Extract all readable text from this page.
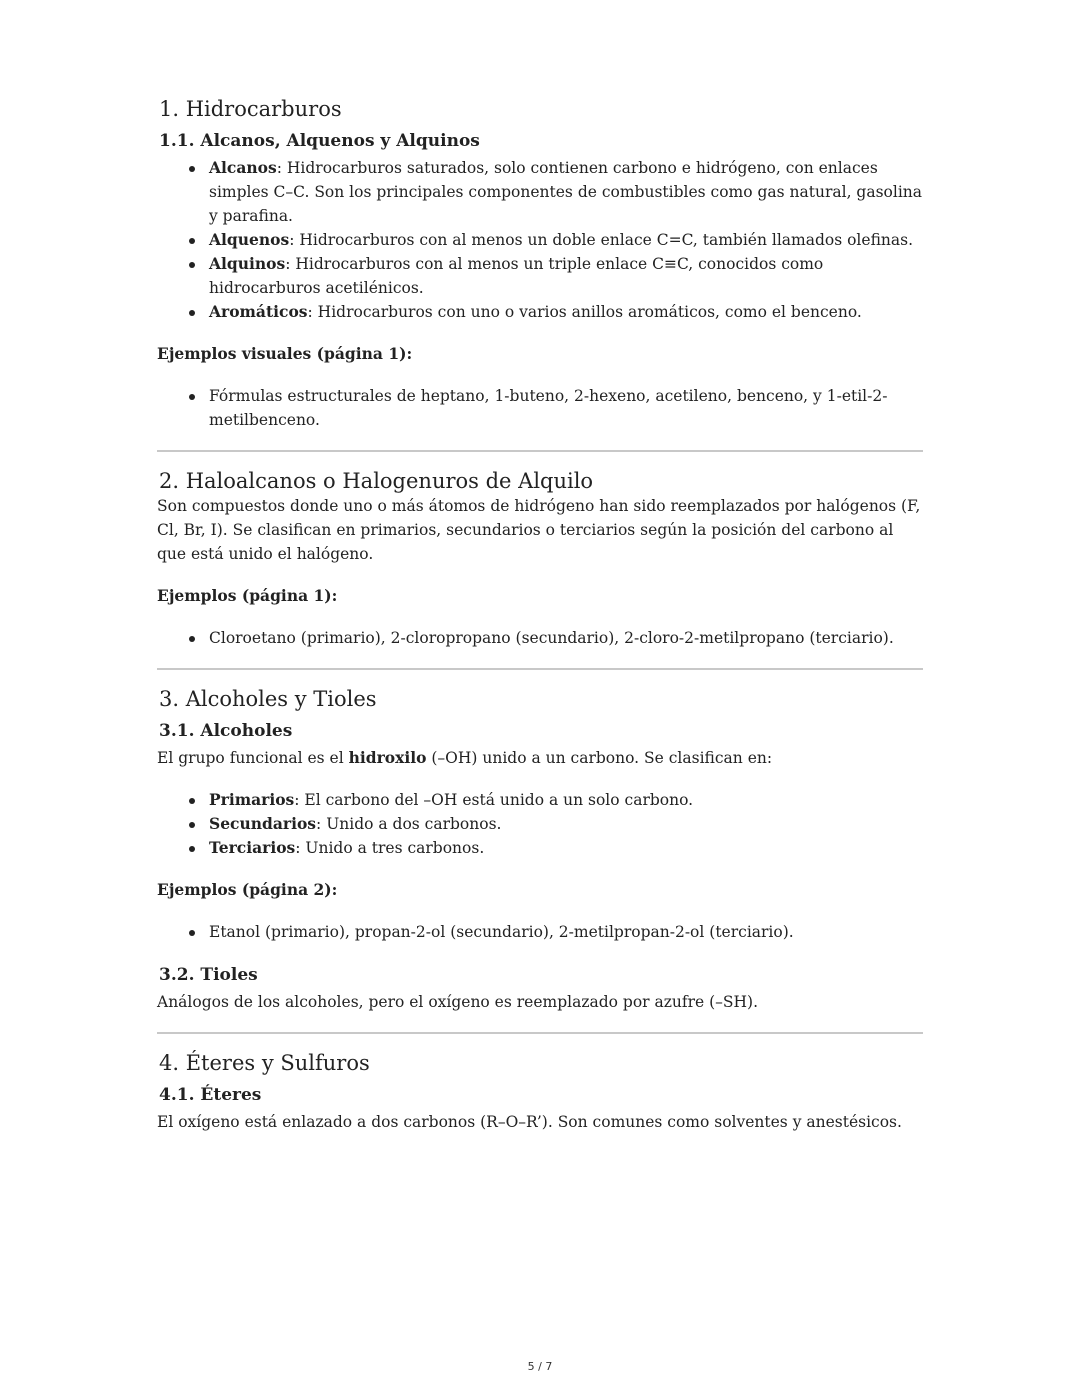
1. Hidrocarburos
1.1. Alcanos, Alquenos y Alquinos
Alcanos: Hidrocarburos saturados, solo contienen carbono e hidrógeno, con enlaces simples C–C. Son los principales componentes de combustibles como gas natural, gasolina y parafina.
Alquenos: Hidrocarburos con al menos un doble enlace C=C, también llamados olefinas.
Alquinos: Hidrocarburos con al menos un triple enlace C≡C, conocidos como hidrocarburos acetilénicos.
Aromáticos: Hidrocarburos con uno o varios anillos aromáticos, como el benceno.

Ejemplos visuales (página 1):

Fórmulas estructurales de heptano, 1-buteno, 2-hexeno, acetileno, benceno, y 1-etil-2-metilbenceno.
2. Haloalcanos o Halogenuros de Alquilo

Son compuestos donde uno o más átomos de hidrógeno han sido reemplazados por halógenos (F, Cl, Br, I). Se clasifican en primarios, secundarios o terciarios según la posición del carbono al que está unido el halógeno.

Ejemplos (página 1):

Cloroetano (primario), 2-cloropropano (secundario), 2-cloro-2-metilpropano (terciario).
3. Alcoholes y Tioles
3.1. Alcoholes

El grupo funcional es el hidroxilo (–OH) unido a un carbono. Se clasifican en:

Primarios: El carbono del –OH está unido a un solo carbono.
Secundarios: Unido a dos carbonos.
Terciarios: Unido a tres carbonos.

Ejemplos (página 2):

Etanol (primario), propan-2-ol (secundario), 2-metilpropan-2-ol (terciario).
3.2. Tioles

Análogos de los alcoholes, pero el oxígeno es reemplazado por azufre (–SH).

4. Éteres y Sulfuros
4.1. Éteres

El oxígeno está enlazado a dos carbonos (R–O–R’). Son comunes como solventes y anestésicos.

5 / 7
